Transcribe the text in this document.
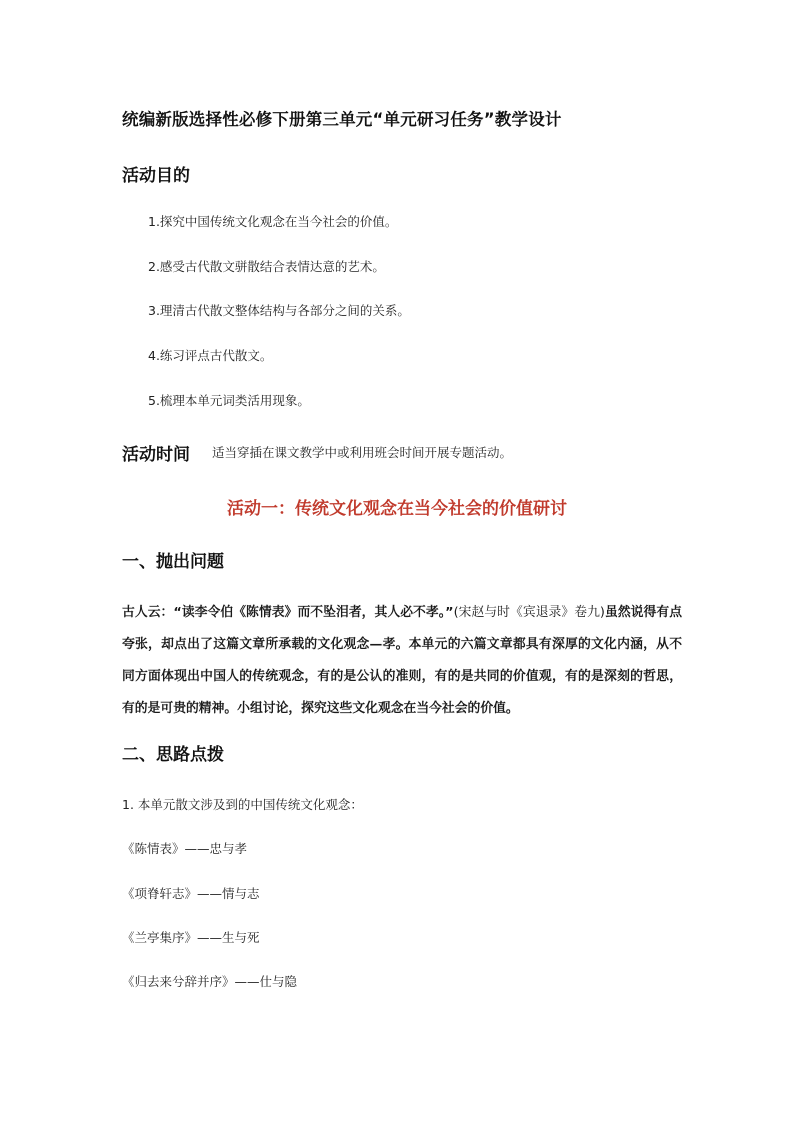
统编新版选择性必修下册第三单元“单元研习任务”教学设计
活动目的
1.探究中国传统文化观念在当今社会的价值。
2.感受古代散文骈散结合表情达意的艺术。
3.理清古代散文整体结构与各部分之间的关系。
4.练习评点古代散文。
5.梳理本单元词类活用现象。
活动时间 适当穿插在课文教学中或利用班会时间开展专题活动。
活动一：传统文化观念在当今社会的价值研讨
一、抛出问题
古人云：“读李令伯《陈情表》而不坠泪者，其人必不孝。”(宋赵与时《宾退录》卷九)虽然说得有点夸张，却点出了这篇文章所承载的文化观念—孝。本单元的六篇文章都具有深厚的文化内涵，从不同方面体现出中国人的传统观念，有的是公认的准则，有的是共同的价值观，有的是深刻的哲思，有的是可贵的精神。小组讨论，探究这些文化观念在当今社会的价值。
二、思路点拨
1. 本单元散文涉及到的中国传统文化观念：
《陈情表》——忠与孝
《项脊轩志》——情与志
《兰亭集序》——生与死
《归去来兮辞并序》——仕与隐
